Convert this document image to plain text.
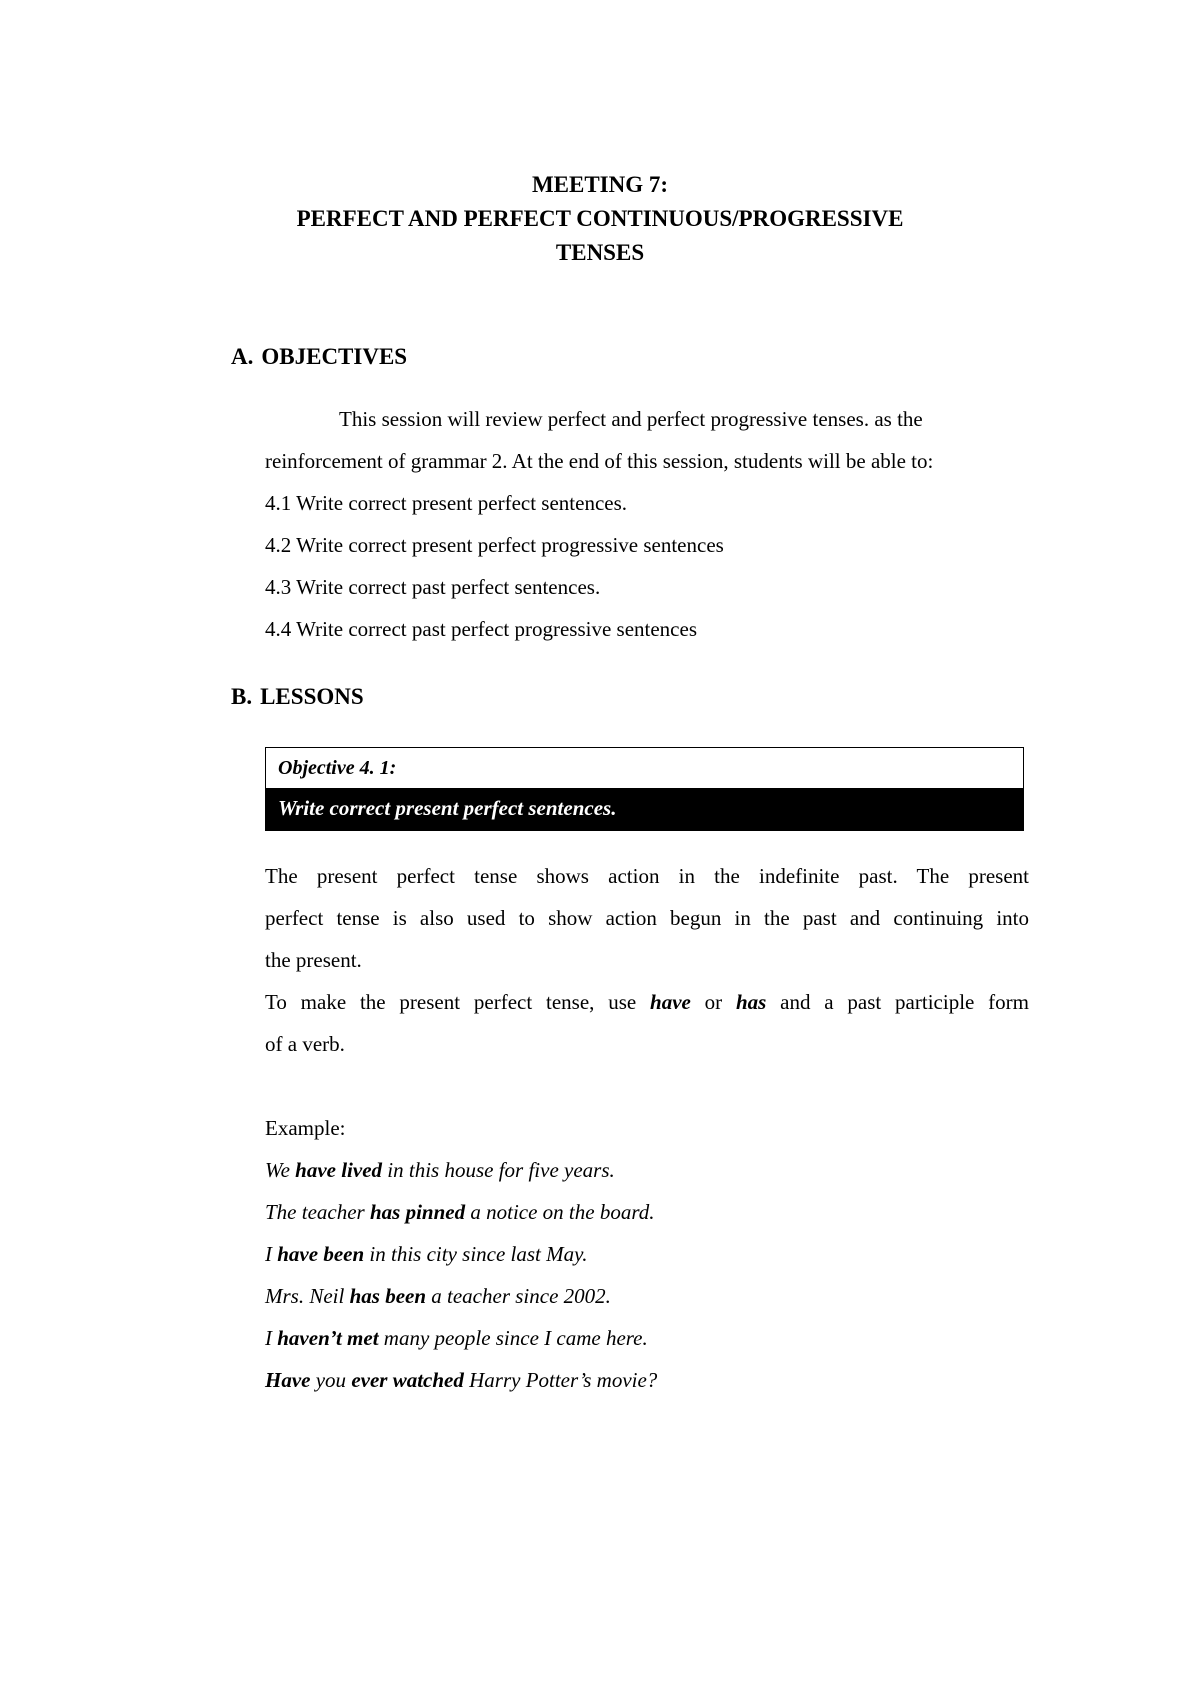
MEETING 7:
PERFECT AND PERFECT CONTINUOUS/PROGRESSIVE
TENSES
A. OBJECTIVES

This session will review perfect and perfect progressive tenses. as the
reinforcement of grammar 2. At the end of this session, students will be able to:

4.1 Write correct present perfect sentences.
4.2 Write correct present perfect progressive sentences
4.3 Write correct past perfect sentences.
4.4 Write correct past perfect progressive sentences
B. LESSONS
Objective 4. 1:
Write correct present perfect sentences.

The present perfect tense shows action in the indefinite past. The present

perfect tense is also used to show action begun in the past and continuing into

the present.

To make the present perfect tense, use have or has and a past participle form

of a verb.

Example:
We have lived in this house for five years.
The teacher has pinned a notice on the board.
I have been in this city since last May.
Mrs. Neil has been a teacher since 2002.
I haven’t met many people since I came here.
Have you ever watched Harry Potter’s movie?
